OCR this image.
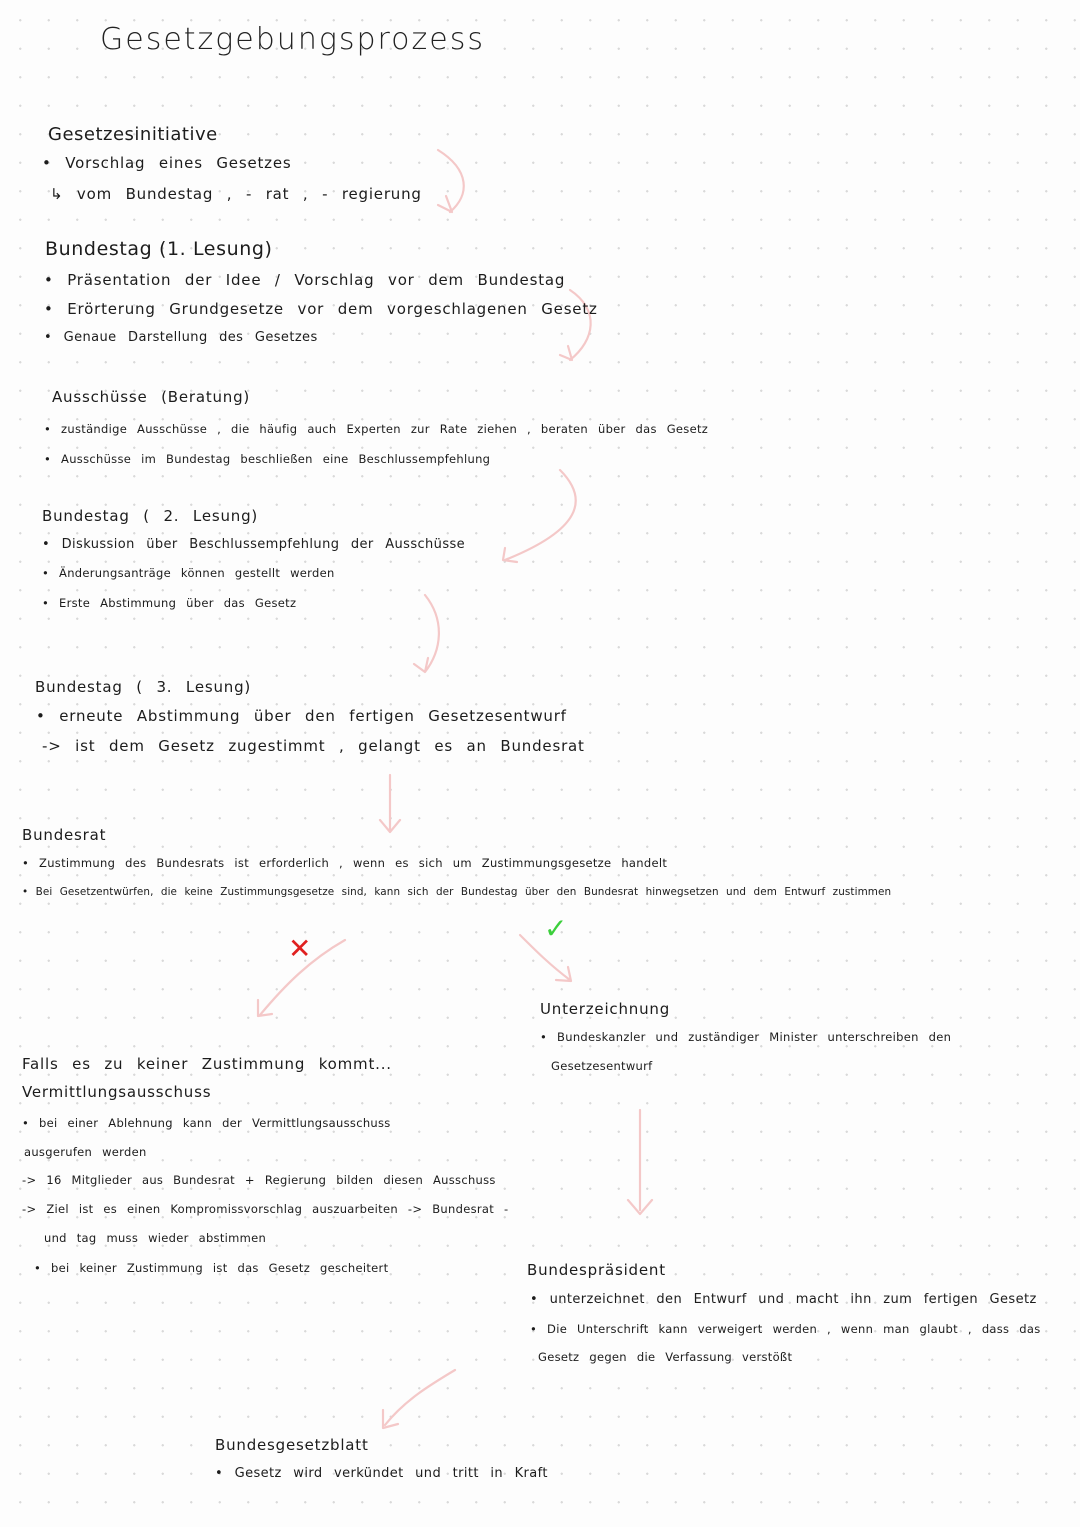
Gesetzgebungsprozess
Gesetzesinitiative
• Vorschlag eines Gesetzes
↳ vom Bundestag , - rat , - regierung
Bundestag (1. Lesung)
• Präsentation der Idee / Vorschlag vor dem Bundestag
• Erörterung Grundgesetze vor dem vorgeschlagenen Gesetz
• Genaue Darstellung des Gesetzes
Ausschüsse (Beratung)
• zuständige Ausschüsse , die häufig auch Experten zur Rate ziehen , beraten über das Gesetz
• Ausschüsse im Bundestag beschließen eine Beschlussempfehlung
Bundestag ( 2. Lesung)
• Diskussion über Beschlussempfehlung der Ausschüsse
• Änderungsanträge können gestellt werden
• Erste Abstimmung über das Gesetz
Bundestag ( 3. Lesung)
• erneute Abstimmung über den fertigen Gesetzesentwurf
-> ist dem Gesetz zugestimmt , gelangt es an Bundesrat
Bundesrat
• Zustimmung des Bundesrats ist erforderlich , wenn es sich um Zustimmungsgesetze handelt
• Bei Gesetzentwürfen, die keine Zustimmungsgesetze sind, kann sich der Bundestag über den Bundesrat hinwegsetzen und dem Entwurf zustimmen
✕
✓
Unterzeichnung
• Bundeskanzler und zuständiger Minister unterschreiben den
Gesetzesentwurf
Falls es zu keiner Zustimmung kommt...
Vermittlungsausschuss
• bei einer Ablehnung kann der Vermittlungsausschuss
ausgerufen werden
-> 16 Mitglieder aus Bundesrat + Regierung bilden diesen Ausschuss
-> Ziel ist es einen Kompromissvorschlag auszuarbeiten -> Bundesrat -
und tag muss wieder abstimmen
• bei keiner Zustimmung ist das Gesetz gescheitert	Bundespräsident
• unterzeichnet den Entwurf und macht ihn zum fertigen Gesetz
• Die Unterschrift kann verweigert werden , wenn man glaubt , dass das
Gesetz gegen die Verfassung verstößt
Bundesgesetzblatt
• Gesetz wird verkündet und tritt in Kraft
